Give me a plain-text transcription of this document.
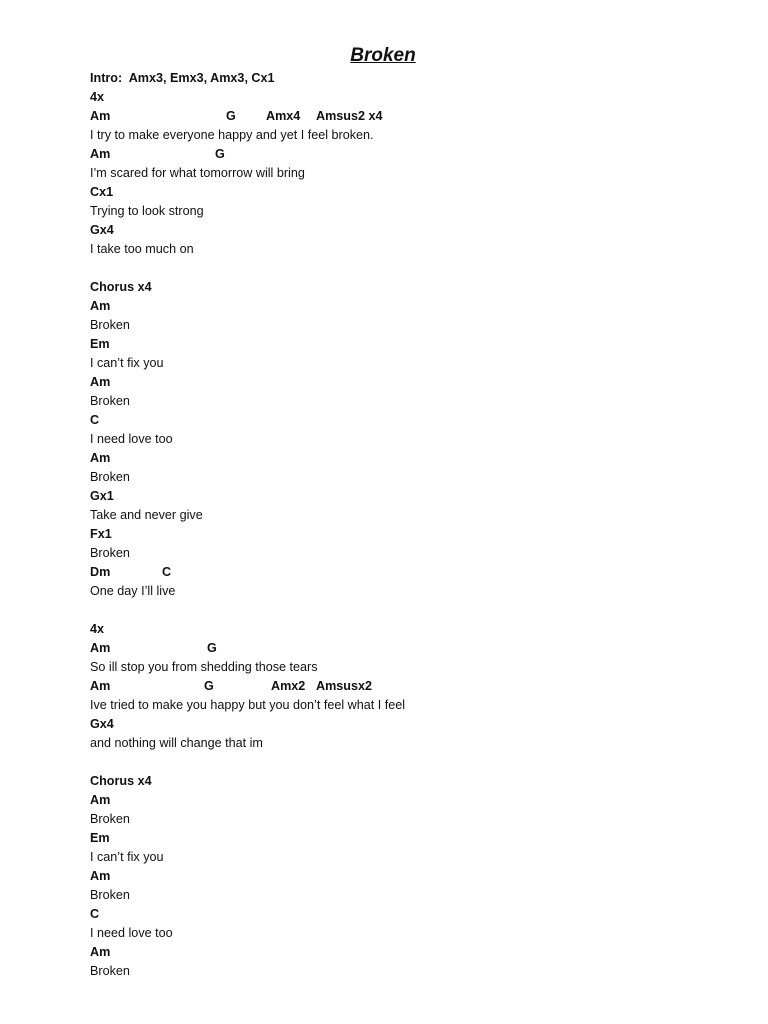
Broken
Intro:  Amx3, Emx3, Amx3, Cx1
4x

Am

	G

Amx4

Amsus2 x4

I try to make everyone happy and yet I feel broken.

Am

	G

I’m scared for what tomorrow will bring
Cx1
Trying to look strong
Gx4
I take too much on
Chorus x4
Am
Broken
Em
I can’t fix you
Am
Broken
C
I need love too
Am
Broken
Gx1
Take and never give
Fx1
Broken

Dm

	C

One day I’ll live
4x

Am

	G

So ill stop you from shedding those tears

Am

	G

	Amx2

Amsusx2

Ive tried to make you happy but you don’t feel what I feel
Gx4
and nothing will change that im
Chorus x4
Am
Broken
Em
I can’t fix you
Am
Broken
C
I need love too
Am
Broken
